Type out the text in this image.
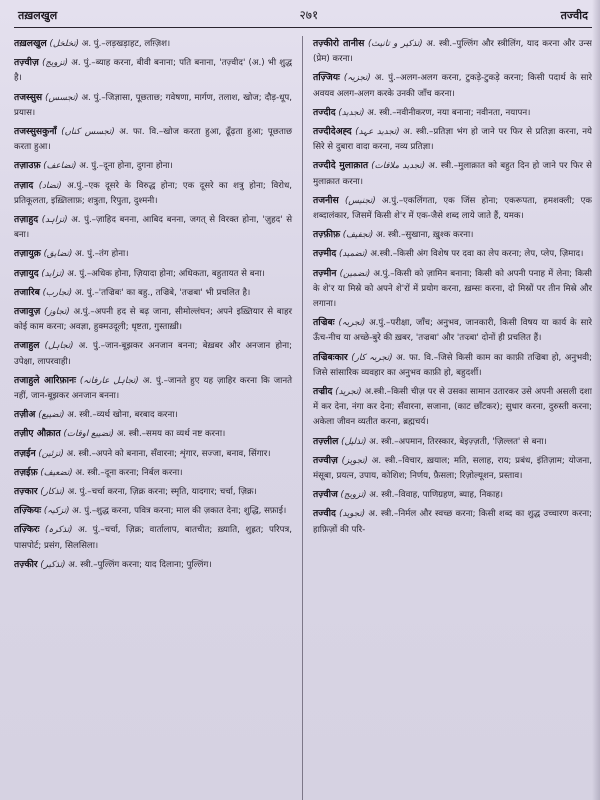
तख़लखुल	२७१	तज्वीद

तख़लखुल (تخلخل) अ. पुं.–लड़खड़ाहट, लग़्ज़िश।

तज़्वीज़ (تزویج) अ. पुं.–ब्याह करना, बीवी बनाना; पति बनाना, 'तज़्वीद' (अ.) भी शुद्ध है।

तजस्सुस (تجسس) अ. पुं.–जिज्ञासा, पूछताछ; गवेषणा, मार्गण, तलाश, खोज; दौड़-धूप, प्रयास।

तजस्सुसकुनाँ (تجسس کناں) अ. फा. वि.–खोज करता हुआ, ढूँढ़ता हुआ; पूछताछ करता हुआ।

तज़ाउफ़ (تضاعف) अ. पुं.–दूना होना, दुगना होना।

तज़ाद (تضاد) अ.पुं.–एक दूसरे के विरुद्ध होना; एक दूसरे का शत्रु होना; विरोध, प्रतिकूलता, इख़्तिलाफ़; शत्रुता, रिपुता, दुश्मनी।

तज़ाहुद (تزاہد) अ. पुं.–ज़ाहिद बनना, आबिद बनना, जगत् से विरक्त होना, 'ज़ुहद' से बना।

तज़ायुक़ (تضایق) अ. पुं.–तंग होना।

तज़ायुद (تزاید) अ. पुं.–अधिक होना, ज़ियादा होना; अधिकता, बहुतायत से बना।

तजारिब (تجارب) अ. पुं.–'तज्रिबः' का बहु., तज्रिबे, 'तज्रबा' भी प्रचलित है।

तजावुज़ (تجاوز) अ.पुं.–अपनी हद से बढ़ जाना, सीमोल्लंघन; अपने इख़्तियार से बाहर कोई काम करना; अवज्ञा, हुक्मउदूली; धृष्टता, गुस्ताख़ी।

तजाहुल (تجاہل) अ. पुं.–जान-बूझकर अनजान बनना; बेख़बर और अनजान होना; उपेक्षा, लापरवाही।

तजाहुले आरिफ़ानः (تجاہل عارفانہ) अ. पुं.–जानते हुए यह ज़ाहिर करना कि जानते नहीं, जान-बूझकर अनजान बनना।

तज़ीअ (تضییع) अ. स्त्री.–व्यर्थ खोना, बरबाद करना।

तज़ीए औक़ात (تضییع اوقات) अ. स्त्री.–समय का व्यर्थ नष्ट करना।

तज़ईन (تزئین) अ. स्त्री.–अपने को बनाना, सँवारना; शृंगार, सज्जा, बनाव, सिंगार।

तज़ईफ़ (تضعیف) अ. स्त्री.–दूना करना; निर्बल करना।

तज़्कार (تذکار) अ. पुं.–चर्चा करना, ज़िक्र करना; स्मृति, यादगार; चर्चा, ज़िक्र।

तज़्कियः (تزکیہ) अ. पुं.–शुद्ध करना, पवित्र करना; माल की ज़कात देना; शुद्धि, सफ़ाई।

तज़्किरः (تذکرہ) अ. पुं.–चर्चा, ज़िक्र; वार्तालाप, बातचीत; ख़्याति, शुह्रत; परिपत्र, पासपोर्ट; प्रसंग, सिलसिला।

तज़्कीर (تذکیر) अ. स्त्री.–पुल्लिंग करना; याद दिलाना; पुल्लिंग।

तज़्कीरो तानीस (تذکیر و تانیث) अ. स्त्री.–पुल्लिंग और स्त्रीलिंग, याद करना और उन्स (प्रेम) करना।

तज़्जियः (تجزیہ) अ. पुं.–अलग-अलग करना, टुकड़े-टुकड़े करना; किसी पदार्थ के सारे अवयव अलग-अलग करके उनकी जाँच करना।

तज्दीद (تجدید) अ. स्त्री.–नवीनीकरण, नया बनाना; नवीनता, नयापन।

तज्दीदेअह्द (تجدید عہد) अ. स्त्री.–प्रतिज्ञा भंग हो जाने पर फिर से प्रतिज्ञा करना, नये सिरे से दुबारा वादा करना, नव्य प्रतिज्ञा।

तज्दीदे मुलाक़ात (تجدید ملاقات) अ. स्त्री.–मुलाक़ात को बहुत दिन हो जाने पर फिर से मुलाक़ात करना।

तजनीस (تجنیس) अ.पुं.–एकलिंगता, एक जिंस होना; एकरूपता, हमशक्ली; एक शब्दालंकार, जिसमें किसी शे'र में एक-जैसे शब्द लाये जाते हैं, यमक।

तज़्फ़ीफ़ (تجفیف) अ. स्त्री.–सुखाना, ख़ुश्क करना।

तज़्मीद (تضمید) अ.स्त्री.–किसी अंग विशेष पर दवा का लेप करना; लेप, प्लेप, ज़िमाद।

तज़्मीन (تضمین) अ.पुं.–किसी को ज़ामिन बनाना; किसी को अपनी पनाह में लेना; किसी के शे'र या मिस्रे को अपने शे'रों में प्रयोग करना, ख़म्सः करना, दो मिस्रों पर तीन मिस्रे और लगाना।

तज्रिबः (تجربہ) अ.पुं.–परीक्षा, जाँच; अनुभव, जानकारी, किसी विषय या कार्य के सारे ऊँच-नीच या अच्छे-बुरे की ख़बर, 'तज्रबा' और 'तज्र्बा' दोनों ही प्रचलित हैं।

तज्रिबःकार (تجربہ کار) अ. फा. वि.–जिसे किसी काम का काफ़ी तज्रिबा हो, अनुभवी; जिसे सांसारिक व्यवहार का अनुभव काफ़ी हो, बहुदर्शी।

तज्रीद (تجرید) अ.स्त्री.–किसी चीज़ पर से उसका सामान उतारकर उसे अपनी असली दशा में कर देना, नंगा कर देना; सँवारना, सजाना, (काट छाँटकर); सुधार करना, दुरुस्ती करना; अकेला जीवन व्यतीत करना, ब्रह्मचर्य।

तज़्लील (تذلیل) अ. स्त्री.–अपमान, तिरस्कार, बेइज़्ज़ती, 'ज़िल्लत' से बना।

तज्वीज़ (تجویز) अ. स्त्री.–विचार, ख़याल; मति, सलाह, राय; प्रबंध, इंतिज़ाम; योजना, मंसूबा, प्रयत्न, उपाय, कोशिश; निर्णय, फ़ैसला; रिज़ोल्यूशन, प्रस्ताव।

तज़्वीज (تزویج) अ. स्त्री.–विवाह, पाणिग्रहण, ब्याह, निकाह।

तज्वीद (تجوید) अ. स्त्री.–निर्मल और स्वच्छ करना; किसी शब्द का शुद्ध उच्चारण करना; हाफ़िज़ों की परि-
